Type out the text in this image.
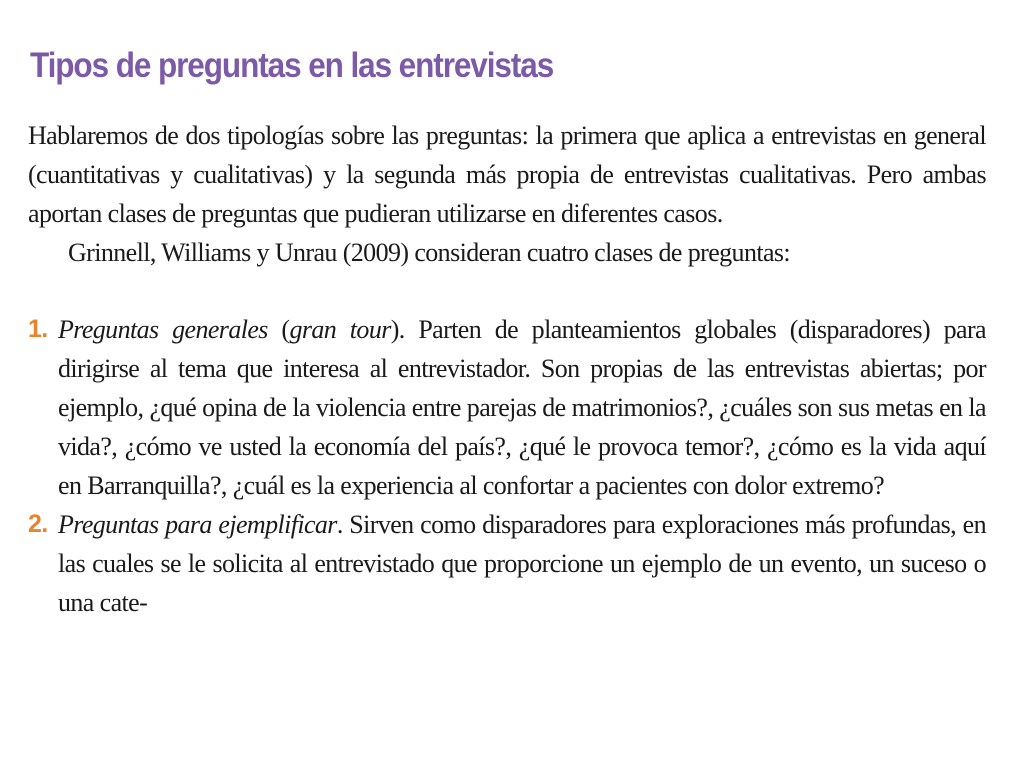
Tipos de preguntas en las entrevistas

Hablaremos de dos tipologías sobre las preguntas: la primera que aplica a entrevistas en general (cuantitativas y cualitativas) y la segunda más propia de entrevistas cualitativas. Pero ambas aportan clases de preguntas que pudieran utilizarse en diferentes casos.

Grinnell, Williams y Unrau (2009) consideran cuatro clases de preguntas:

1. Preguntas generales (gran tour). Parten de planteamientos globales (disparadores) para dirigirse al tema que interesa al entrevistador. Son propias de las entrevistas abiertas; por ejemplo, ¿qué opina de la violencia entre parejas de matrimonios?, ¿cuáles son sus metas en la vida?, ¿cómo ve usted la economía del país?, ¿qué le provoca temor?, ¿cómo es la vida aquí en Barranquilla?, ¿cuál es la experiencia al confortar a pacientes con dolor extremo?
2. Preguntas para ejemplificar. Sirven como disparadores para exploraciones más profundas, en las cuales se le solicita al entrevistado que proporcione un ejemplo de un evento, un suceso o una cate-
